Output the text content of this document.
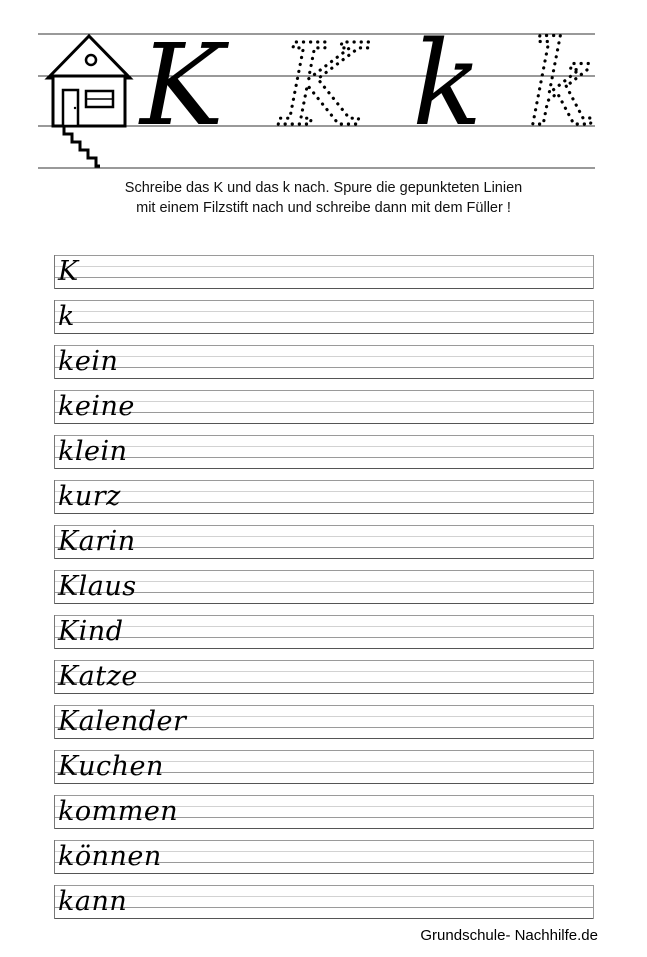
K K k k
Schreibe das K und das k nach. Spure die gepunkteten Linien
mit einem Filzstift nach und schreibe dann mit dem Füller !
K
k
kein
keine
klein
kurz
Karin
Klaus
Kind
Katze
Kalender
Kuchen
kommen
können
kann
Grundschule- Nachhilfe.de
